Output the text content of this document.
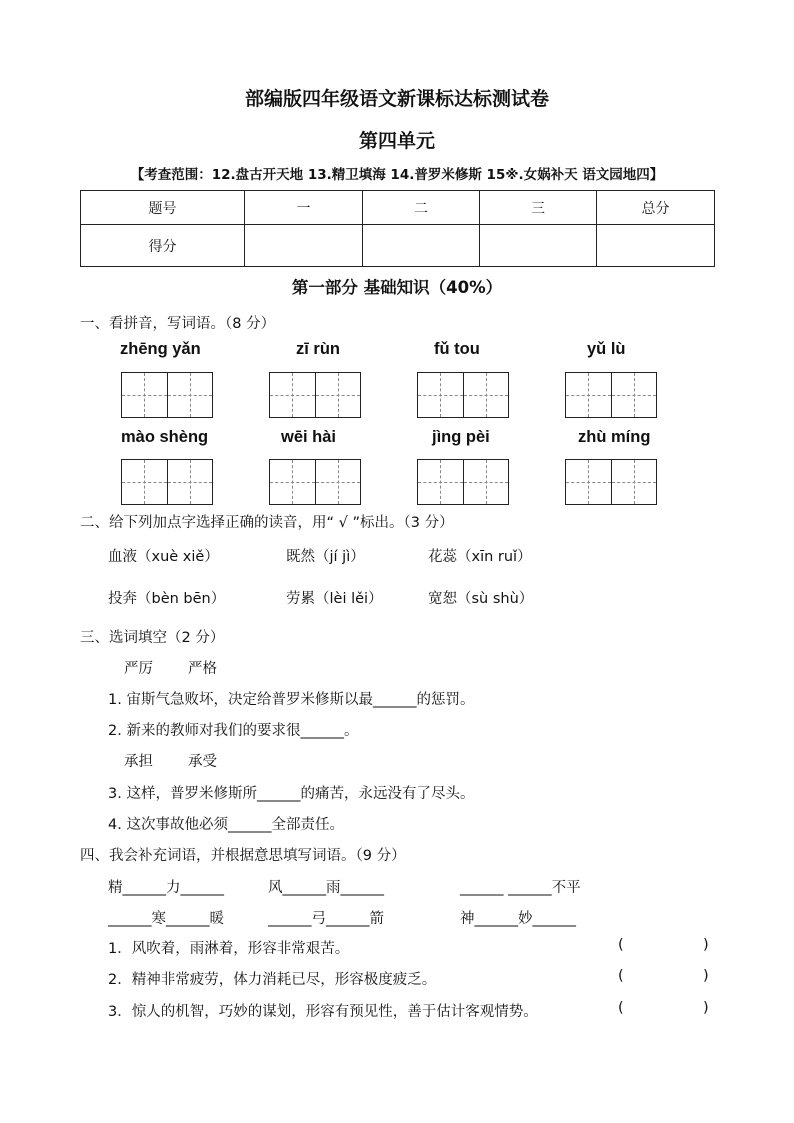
部编版四年级语文新课标达标测试卷
第四单元
【考查范围：12.盘古开天地 13.精卫填海 14.普罗米修斯 15※.女娲补天 语文园地四】
题号	一	二	三	总分
得分				
第一部分 基础知识（40%）
一、看拼音，写词语。（8 分）
zhēng yǎn	zī rùn	fǔ tou	yǔ lù
mào shèng	wēi hài	jìng pèi	zhù míng
二、给下列加点字选择正确的读音，用“ √ ”标出。（3 分）
血液（xuè xiě）	既然（jí jì）	花蕊（xīn ruǐ）
投奔（bèn bēn）	劳累（lèi lěi）	宽恕（sù shù）
三、选词填空（2 分）
严厉 严格
1. 宙斯气急败坏，决定给普罗米修斯以最______的惩罚。
2. 新来的教师对我们的要求很______。
承担 承受
3. 这样，普罗米修斯所______的痛苦，永远没有了尽头。
4. 这次事故他必须______全部责任。
四、我会补充词语，并根据意思填写词语。（9 分）
精______力______	风______雨______	______ ______不平
______寒______暖	______弓______箭	神______妙______
1．风吹着，雨淋着，形容非常艰苦。	(	)
2．精神非常疲劳，体力消耗已尽，形容极度疲乏。	(	)
3．惊人的机智，巧妙的谋划，形容有预见性，善于估计客观情势。	(	)
